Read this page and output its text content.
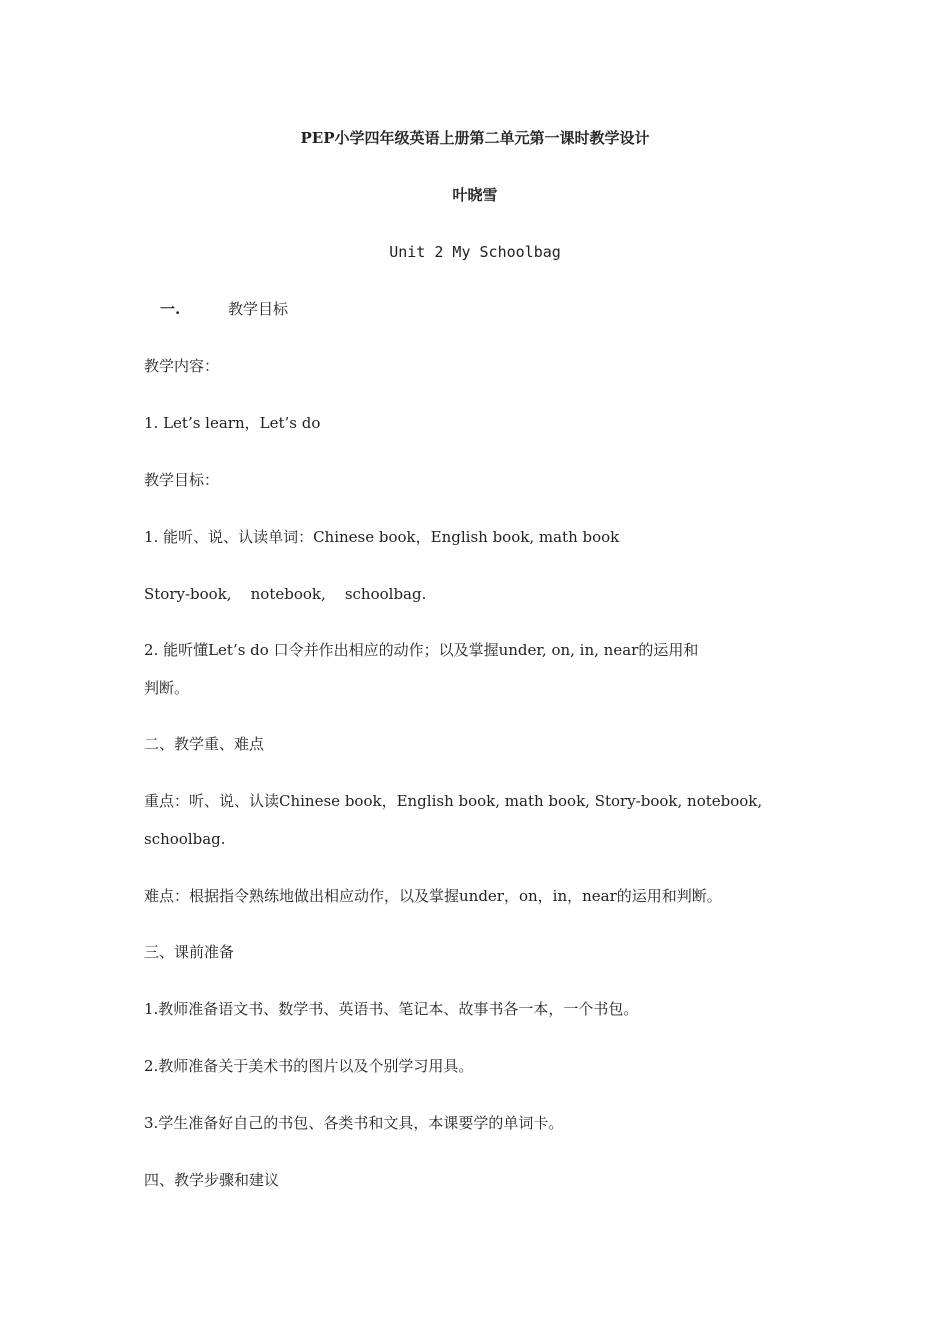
PEP小学四年级英语上册第二单元第一课时教学设计
叶晓雪
Unit 2 My Schoolbag
一.	教学目标
教学内容：
1. Let’s learn，Let’s do
教学目标：
1. 能听、说、认读单词：Chinese book，English book, math book
Story-book,    notebook,    schoolbag.
2. 能听懂Let’s do 口令并作出相应的动作；以及掌握under, on, in, near的运用和
判断。
二、教学重、难点
重点：听、说、认读Chinese book，English book, math book, Story-book, notebook,
schoolbag.
难点：根据指令熟练地做出相应动作，以及掌握under，on，in，near的运用和判断。
三、课前准备
1.教师准备语文书、数学书、英语书、笔记本、故事书各一本，一个书包。
2.教师准备关于美术书的图片以及个别学习用具。
3.学生准备好自己的书包、各类书和文具，本课要学的单词卡。
四、教学步骤和建议
